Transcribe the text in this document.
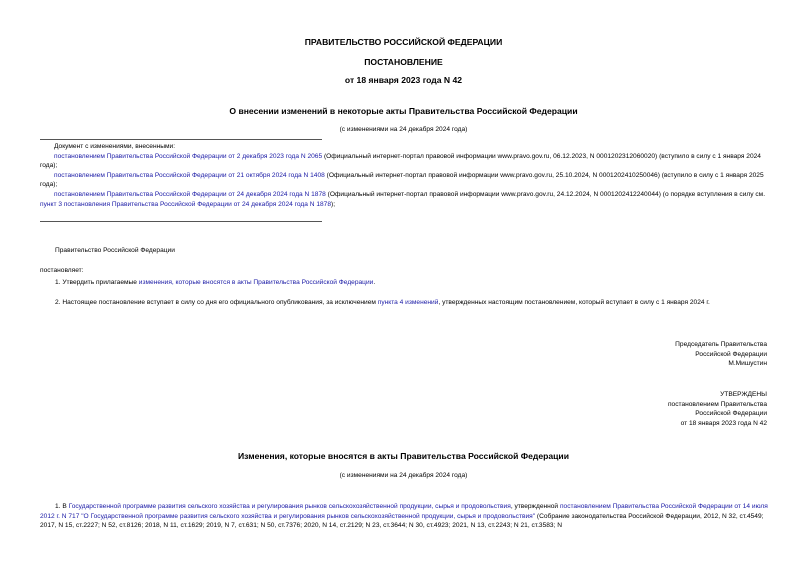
ПРАВИТЕЛЬСТВО РОССИЙСКОЙ ФЕДЕРАЦИИ
ПОСТАНОВЛЕНИЕ
от 18 января 2023 года N 42
О внесении изменений в некоторые акты Правительства Российской Федерации
(с изменениями на 24 декабря 2024 года)

Документ с изменениями, внесенными:

постановлением Правительства Российской Федерации от 2 декабря 2023 года N 2065 (Официальный интернет-портал правовой информации www.pravo.gov.ru, 06.12.2023, N 0001202312060020) (вступило в силу с 1 января 2024 года);

постановлением Правительства Российской Федерации от 21 октября 2024 года N 1408 (Официальный интернет-портал правовой информации www.pravo.gov.ru, 25.10.2024, N 0001202410250046) (вступило в силу с 1 января 2025 года);

постановлением Правительства Российской Федерации от 24 декабря 2024 года N 1878 (Официальный интернет-портал правовой информации www.pravo.gov.ru, 24.12.2024, N 0001202412240044) (о порядке вступления в силу см. пункт 3 постановления Правительства Российской Федерации от 24 декабря 2024 года N 1878);

Правительство Российской Федерации
постановляет:
1. Утвердить прилагаемые изменения, которые вносятся в акты Правительства Российской Федерации.
2. Настоящее постановление вступает в силу со дня его официального опубликования, за исключением пункта 4 изменений, утвержденных настоящим постановлением, который вступает в силу с 1 января 2024 г.

Председатель Правительства

Российской Федерации

М.Мишустин

УТВЕРЖДЕНЫ

постановлением Правительства

Российской Федерации

от 18 января 2023 года N 42

Изменения, которые вносятся в акты Правительства Российской Федерации
(с изменениями на 24 декабря 2024 года)
1. В Государственной программе развития сельского хозяйства и регулирования рынков сельскохозяйственной продукции, сырья и продовольствия, утвержденной постановлением Правительства Российской Федерации от 14 июля 2012 г. N 717 "О Государственной программе развития сельского хозяйства и регулирования рынков сельскохозяйственной продукции, сырья и продовольствия" (Собрание законодательства Российской Федерации, 2012, N 32, ст.4549; 2017, N 15, ст.2227; N 52, ст.8126; 2018, N 11, ст.1629; 2019, N 7, ст.631; N 50, ст.7376; 2020, N 14, ст.2129; N 23, ст.3644; N 30, ст.4923; 2021, N 13, ст.2243; N 21, ст.3583; N
